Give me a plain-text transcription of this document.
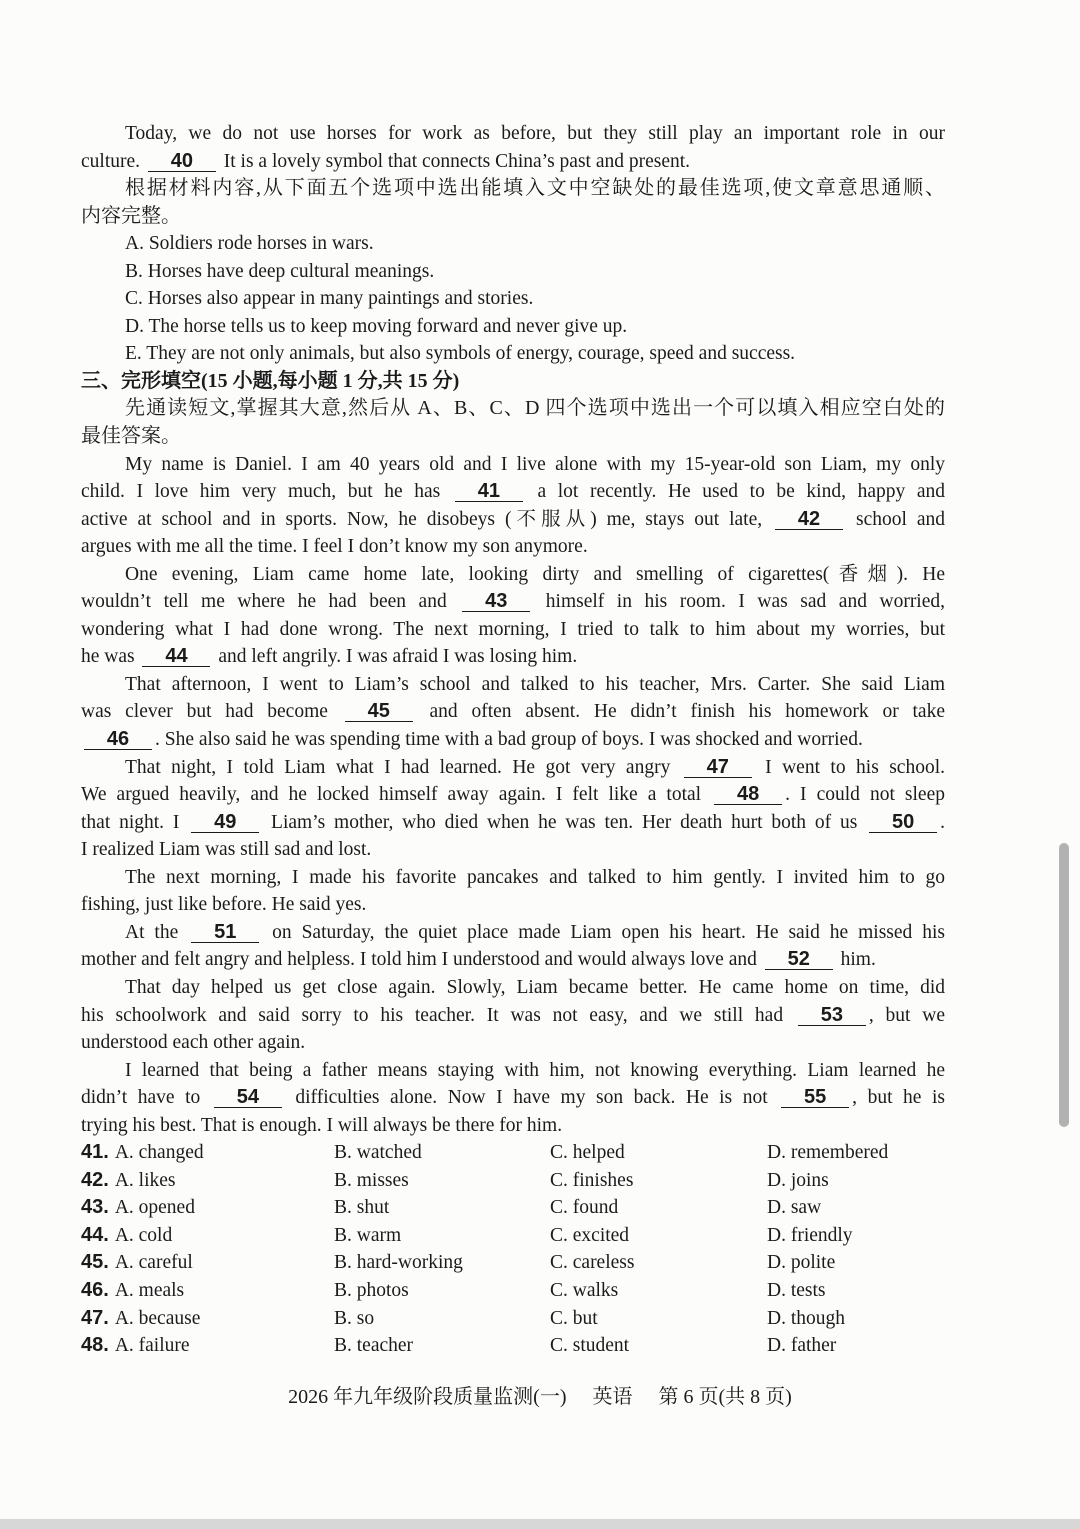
Today, we do not use horses for work as before, but they still play an important role in our
culture. 40 It is a lovely symbol that connects China’s past and present.
根据材料内容,从下面五个选项中选出能填入文中空缺处的最佳选项,使文章意思通顺、
内容完整。
A. Soldiers rode horses in wars.
B. Horses have deep cultural meanings.
C. Horses also appear in many paintings and stories.
D. The horse tells us to keep moving forward and never give up.
E. They are not only animals, but also symbols of energy, courage, speed and success.
三、完形填空(15 小题,每小题 1 分,共 15 分)
先通读短文,掌握其大意,然后从 A、B、C、D 四个选项中选出一个可以填入相应空白处的
最佳答案。
My name is Daniel. I am 40 years old and I live alone with my 15-year-old son Liam, my only
child. I love him very much, but he has 41 a lot recently. He used to be kind, happy and
active at school and in sports. Now, he disobeys (不服从) me, stays out late, 42 school and
argues with me all the time. I feel I don’t know my son anymore.
One evening, Liam came home late, looking dirty and smelling of cigarettes(香烟). He
wouldn’t tell me where he had been and 43 himself in his room. I was sad and worried,
wondering what I had done wrong. The next morning, I tried to talk to him about my worries, but
he was 44 and left angrily. I was afraid I was losing him.
That afternoon, I went to Liam’s school and talked to his teacher, Mrs. Carter. She said Liam
was clever but had become 45 and often absent. He didn’t finish his homework or take
46 . She also said he was spending time with a bad group of boys. I was shocked and worried.
That night, I told Liam what I had learned. He got very angry 47 I went to his school.
We argued heavily, and he locked himself away again. I felt like a total 48 . I could not sleep
that night. I 49 Liam’s mother, who died when he was ten. Her death hurt both of us 50 .
I realized Liam was still sad and lost.
The next morning, I made his favorite pancakes and talked to him gently. I invited him to go
fishing, just like before. He said yes.
At the 51 on Saturday, the quiet place made Liam open his heart. He said he missed his
mother and felt angry and helpless. I told him I understood and would always love and 52 him.
That day helped us get close again. Slowly, Liam became better. He came home on time, did
his schoolwork and said sorry to his teacher. It was not easy, and we still had 53 , but we
understood each other again.
I learned that being a father means staying with him, not knowing everything. Liam learned he
didn’t have to 54 difficulties alone. Now I have my son back. He is not 55 , but he is
trying his best. That is enough. I will always be there for him.
41. A. changed	B. watched	C. helped	D. remembered
42. A. likes	B. misses	C. finishes	D. joins
43. A. opened	B. shut	C. found	D. saw
44. A. cold	B. warm	C. excited	D. friendly
45. A. careful	B. hard-working	C. careless	D. polite
46. A. meals	B. photos	C. walks	D. tests
47. A. because	B. so	C. but	D. though
48. A. failure	B. teacher	C. student	D. father
2026 年九年级阶段质量监测(一) 英语 第 6 页(共 8 页)
